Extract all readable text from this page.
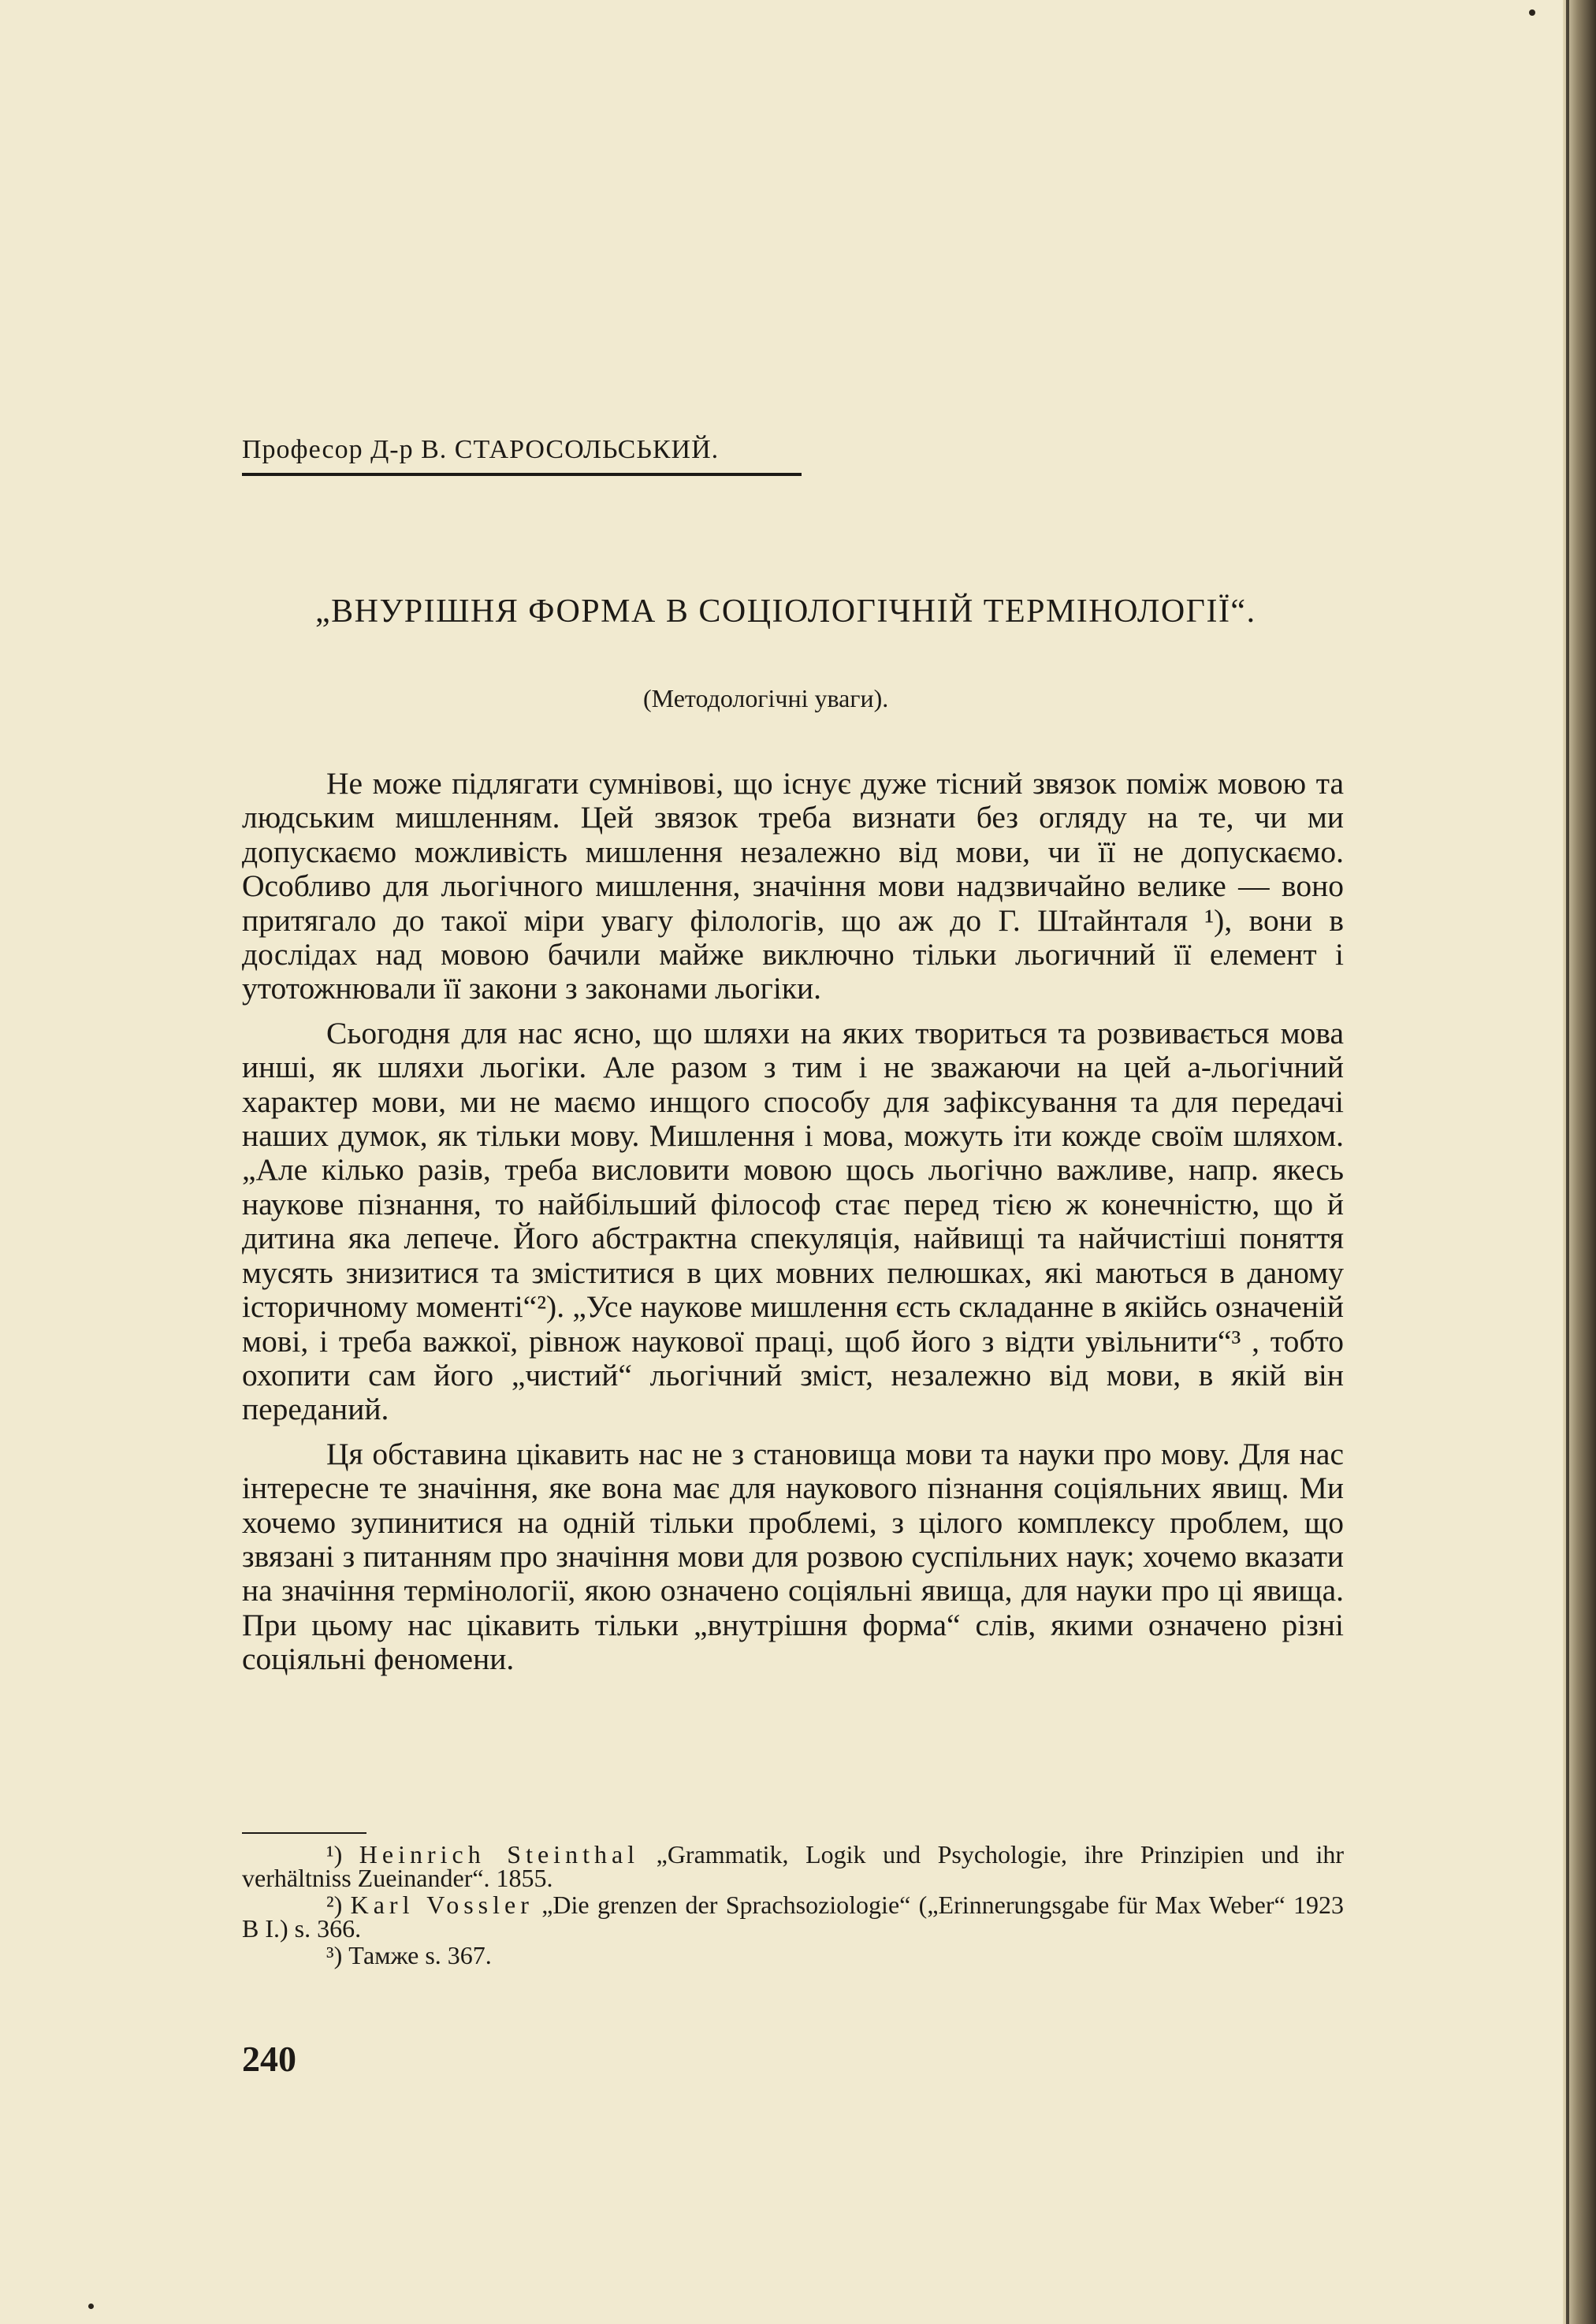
Професор Д-р В. СТАРОСОЛЬСЬКИЙ.
„ВНУРІШНЯ ФОРМА В СОЦІОЛОГІЧНІЙ ТЕРМІНОЛОГІЇ“.
(Методологічні уваги).

Не може підлягати сумнівові, що існує дуже тісний звязок поміж мовою та людським мишленням. Цей звязок треба визнати без огляду на те, чи ми допускаємо можливість мишлення незалежно від мови, чи її не допускаємо. Особливо для льогічного мишлення, значіння мови надзвичайно велике — воно притягало до такої міри увагу філологів, що аж до Г. Штайнталя ¹), вони в дослідах над мовою бачили майже виключно тільки льогичний її елемент і утотожнювали її закони з законами льогіки.

Сьогодня для нас ясно, що шляхи на яких твориться та розвивається мова инші, як шляхи льогіки. Але разом з тим і не зважаючи на цей а-льогічний характер мови, ми не маємо инщого способу для зафіксування та для передачі наших думок, як тільки мову. Мишлення і мова, можуть іти кожде своїм шляхом. „Але кілько разів, треба висловити мовою щось льогічно важливе, напр. якесь наукове пізнання, то найбільший філософ стає перед тією ж конечністю, що й дитина яка лепече. Його абстрактна спекуляція, найвищі та найчистіші поняття мусять знизитися та зміститися в цих мовних пелюшках, які маються в даному історичному моменті“²). „Усе наукове мишлення єсть складанне в якійсь означеній мові, і треба важкої, рівнож наукової праці, щоб його з відти увільнити“³ , тобто охопити сам його „чистий“ льогічний зміст, незалежно від мови, в якій він переданий.

Ця обставина цікавить нас не з становища мови та науки про мову. Для нас інтересне те значіння, яке вона має для наукового пізнання соціяльних явищ. Ми хочемо зупинитися на одній тільки проблемі, з цілого комплексу проблем, що звязані з питанням про значіння мови для розвою суспільних наук; хочемо вказати на значіння термінології, якою означено соціяльні явища, для науки про ці явища. При цьому нас цікавить тільки „внутрішня форма“ слів, якими означено різні соціяльні феномени.

¹) Heinrich Steinthal „Grammatik, Logik und Psychologie, ihre Prinzipien und ihr verhältniss Zueinander“. 1855.
²) Karl Vossler „Die grenzen der Sprachsoziologie“ („Erinnerungsgabe für Max Weber“ 1923 B I.) s. 366.
³) Тамже s. 367.
240
